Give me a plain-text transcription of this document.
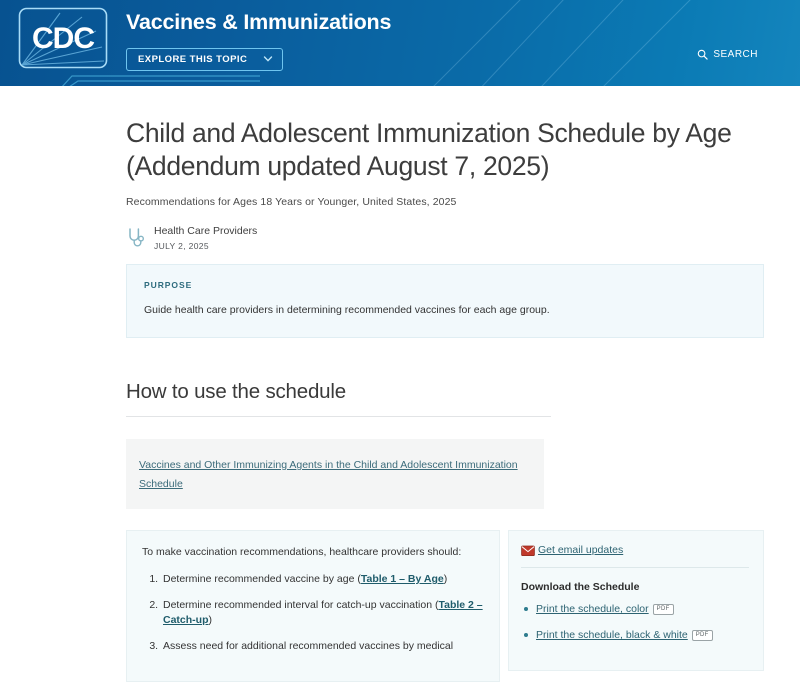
CDC Vaccines & Immunizations
EXPLORE THIS TOPIC	SEARCH
Child and Adolescent Immunization Schedule by Age (Addendum updated August 7, 2025)
Recommendations for Ages 18 Years or Younger, United States, 2025
Health Care Providers
JULY 2, 2025
PURPOSE
Guide health care providers in determining recommended vaccines for each age group.
How to use the schedule
Vaccines and Other Immunizing Agents in the Child and Adolescent Immunization Schedule
To make vaccination recommendations, healthcare providers should:
1. Determine recommended vaccine by age (Table 1 – By Age)
2. Determine recommended interval for catch-up vaccination (Table 2 – Catch-up)
3. Assess need for additional recommended vaccines by medical
Get email updates
Download the Schedule
Print the schedule, color	PDF
Print the schedule, black & white	PDF
